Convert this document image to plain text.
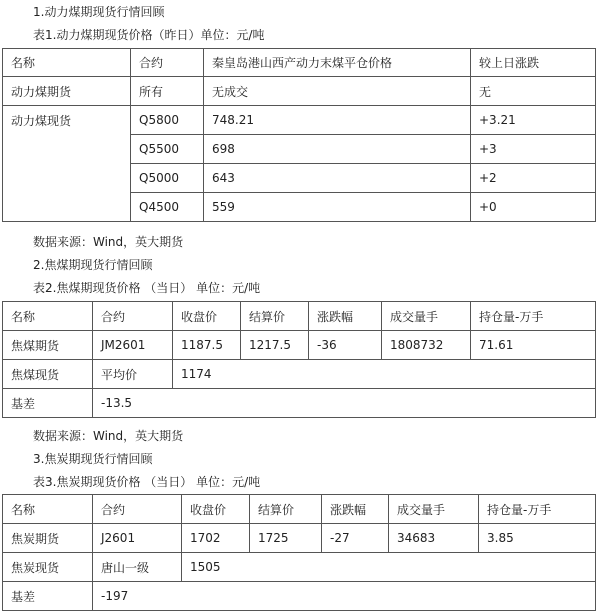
1.动力煤期现货行情回顾
表1.动力煤期现货价格（昨日）单位：元/吨
名称	合约	秦皇岛港山西产动力末煤平仓价格	较上日涨跌
动力煤期货	所有	无成交	无
动力煤现货	Q5800	748.21	+3.21
	Q5500	698	+3
	Q5000	643	+2
	Q4500	559	+0
数据来源：Wind，英大期货
2.焦煤期现货行情回顾
表2.焦煤期现货价格 （当日） 单位：元/吨
名称	合约	收盘价	结算价	涨跌幅	成交量手	持仓量-万手
焦煤期货	JM2601	1187.5	1217.5	-36	1808732	71.61
焦煤现货	平均价	1174				
基差	-13.5					
数据来源：Wind，英大期货
3.焦炭期现货行情回顾
表3.焦炭期现货价格 （当日） 单位：元/吨
名称	合约	收盘价	结算价	涨跌幅	成交量手	持仓量-万手
焦炭期货	J2601	1702	1725	-27	34683	3.85
焦炭现货	唐山一级	1505				
基差	-197					
